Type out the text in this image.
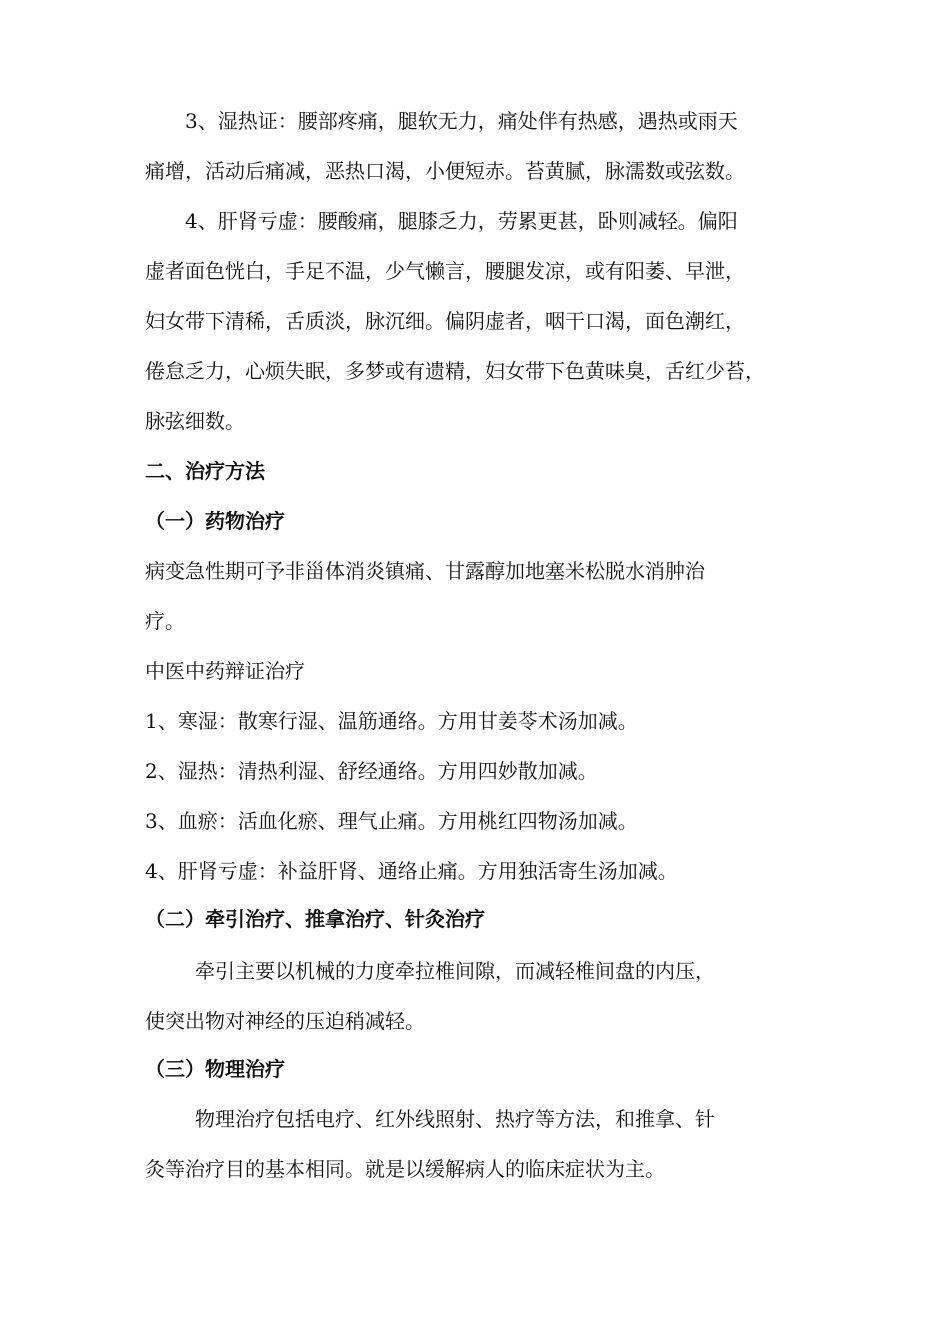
3、湿热证：腰部疼痛，腿软无力，痛处伴有热感，遇热或雨天
痛增，活动后痛减，恶热口渴，小便短赤。苔黄腻，脉濡数或弦数。
4、肝肾亏虚：腰酸痛，腿膝乏力，劳累更甚，卧则减轻。偏阳
虚者面色恍白，手足不温，少气懒言，腰腿发凉，或有阳萎、早泄，
妇女带下清稀，舌质淡，脉沉细。偏阴虚者，咽干口渴，面色潮红，
倦怠乏力，心烦失眠，多梦或有遗精，妇女带下色黄味臭，舌红少苔，
脉弦细数。
二、治疗方法
（一）药物治疗
病变急性期可予非甾体消炎镇痛、甘露醇加地塞米松脱水消肿治
疗。
中医中药辩证治疗
1、寒湿：散寒行湿、温筋通络。方用甘姜苓术汤加减。
2、湿热：清热利湿、舒经通络。方用四妙散加减。
3、血瘀：活血化瘀、理气止痛。方用桃红四物汤加减。
4、肝肾亏虚：补益肝肾、通络止痛。方用独活寄生汤加减。
（二）牵引治疗、推拿治疗、针灸治疗
牵引主要以机械的力度牵拉椎间隙，而减轻椎间盘的内压，
使突出物对神经的压迫稍减轻。
（三）物理治疗
物理治疗包括电疗、红外线照射、热疗等方法，和推拿、针
灸等治疗目的基本相同。就是以缓解病人的临床症状为主。
